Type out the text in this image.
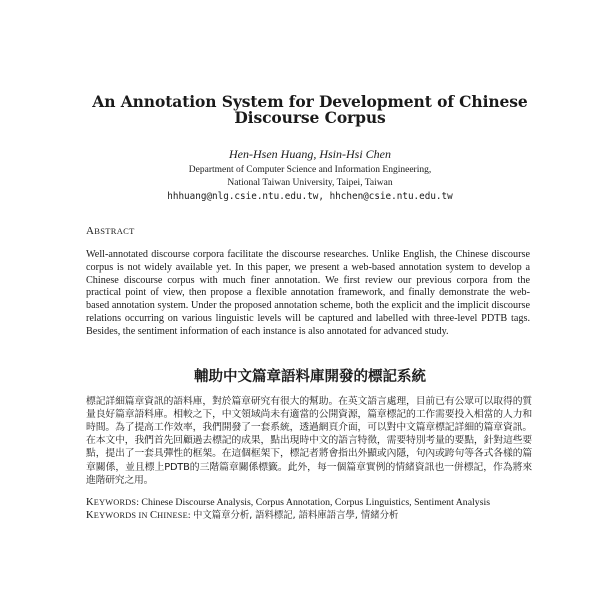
An Annotation System for Development of Chinese
Discourse Corpus
Hen-Hsen Huang, Hsin-Hsi Chen
Department of Computer Science and Information Engineering,
National Taiwan University, Taipei, Taiwan
hhhuang@nlg.csie.ntu.edu.tw, hhchen@csie.ntu.edu.tw
ABSTRACT
Well-annotated discourse corpora facilitate the discourse researches. Unlike English, the Chinese discourse corpus is not widely available yet. In this paper, we present a web-based annotation system to develop a Chinese discourse corpus with much finer annotation. We first review our previous corpora from the practical point of view, then propose a flexible annotation framework, and finally demonstrate the web-based annotation system. Under the proposed annotation scheme, both the explicit and the implicit discourse relations occurring on various linguistic levels will be captured and labelled with three-level PDTB tags. Besides, the sentiment information of each instance is also annotated for advanced study.
輔助中文篇章語料庫開發的標記系統
標記詳細篇章資訊的語料庫，對於篇章研究有很大的幫助。在英文語言處理，目前已有公眾可以取得的質量良好篇章語料庫。相較之下，中文領域尚未有適當的公開資源，篇章標記的工作需要投入相當的人力和時間。為了提高工作效率，我們開發了一套系統，透過網頁介面，可以對中文篇章標記詳細的篇章資訊。在本文中，我們首先回顧過去標記的成果，點出現時中文的語言特徵，需要特別考量的要點，針對這些要點，提出了一套具彈性的框架。在這個框架下，標記者將會指出外顯或內隱，句內或跨句等各式各樣的篇章關係，並且標上PDTB的三階篇章關係標籤。此外，每一個篇章實例的情緒資訊也一併標記，作為將來進階研究之用。
KEYWORDS: Chinese Discourse Analysis, Corpus Annotation, Corpus Linguistics, Sentiment Analysis
KEYWORDS IN CHINESE: 中文篇章分析, 語料標記, 語料庫語言學, 情緒分析
